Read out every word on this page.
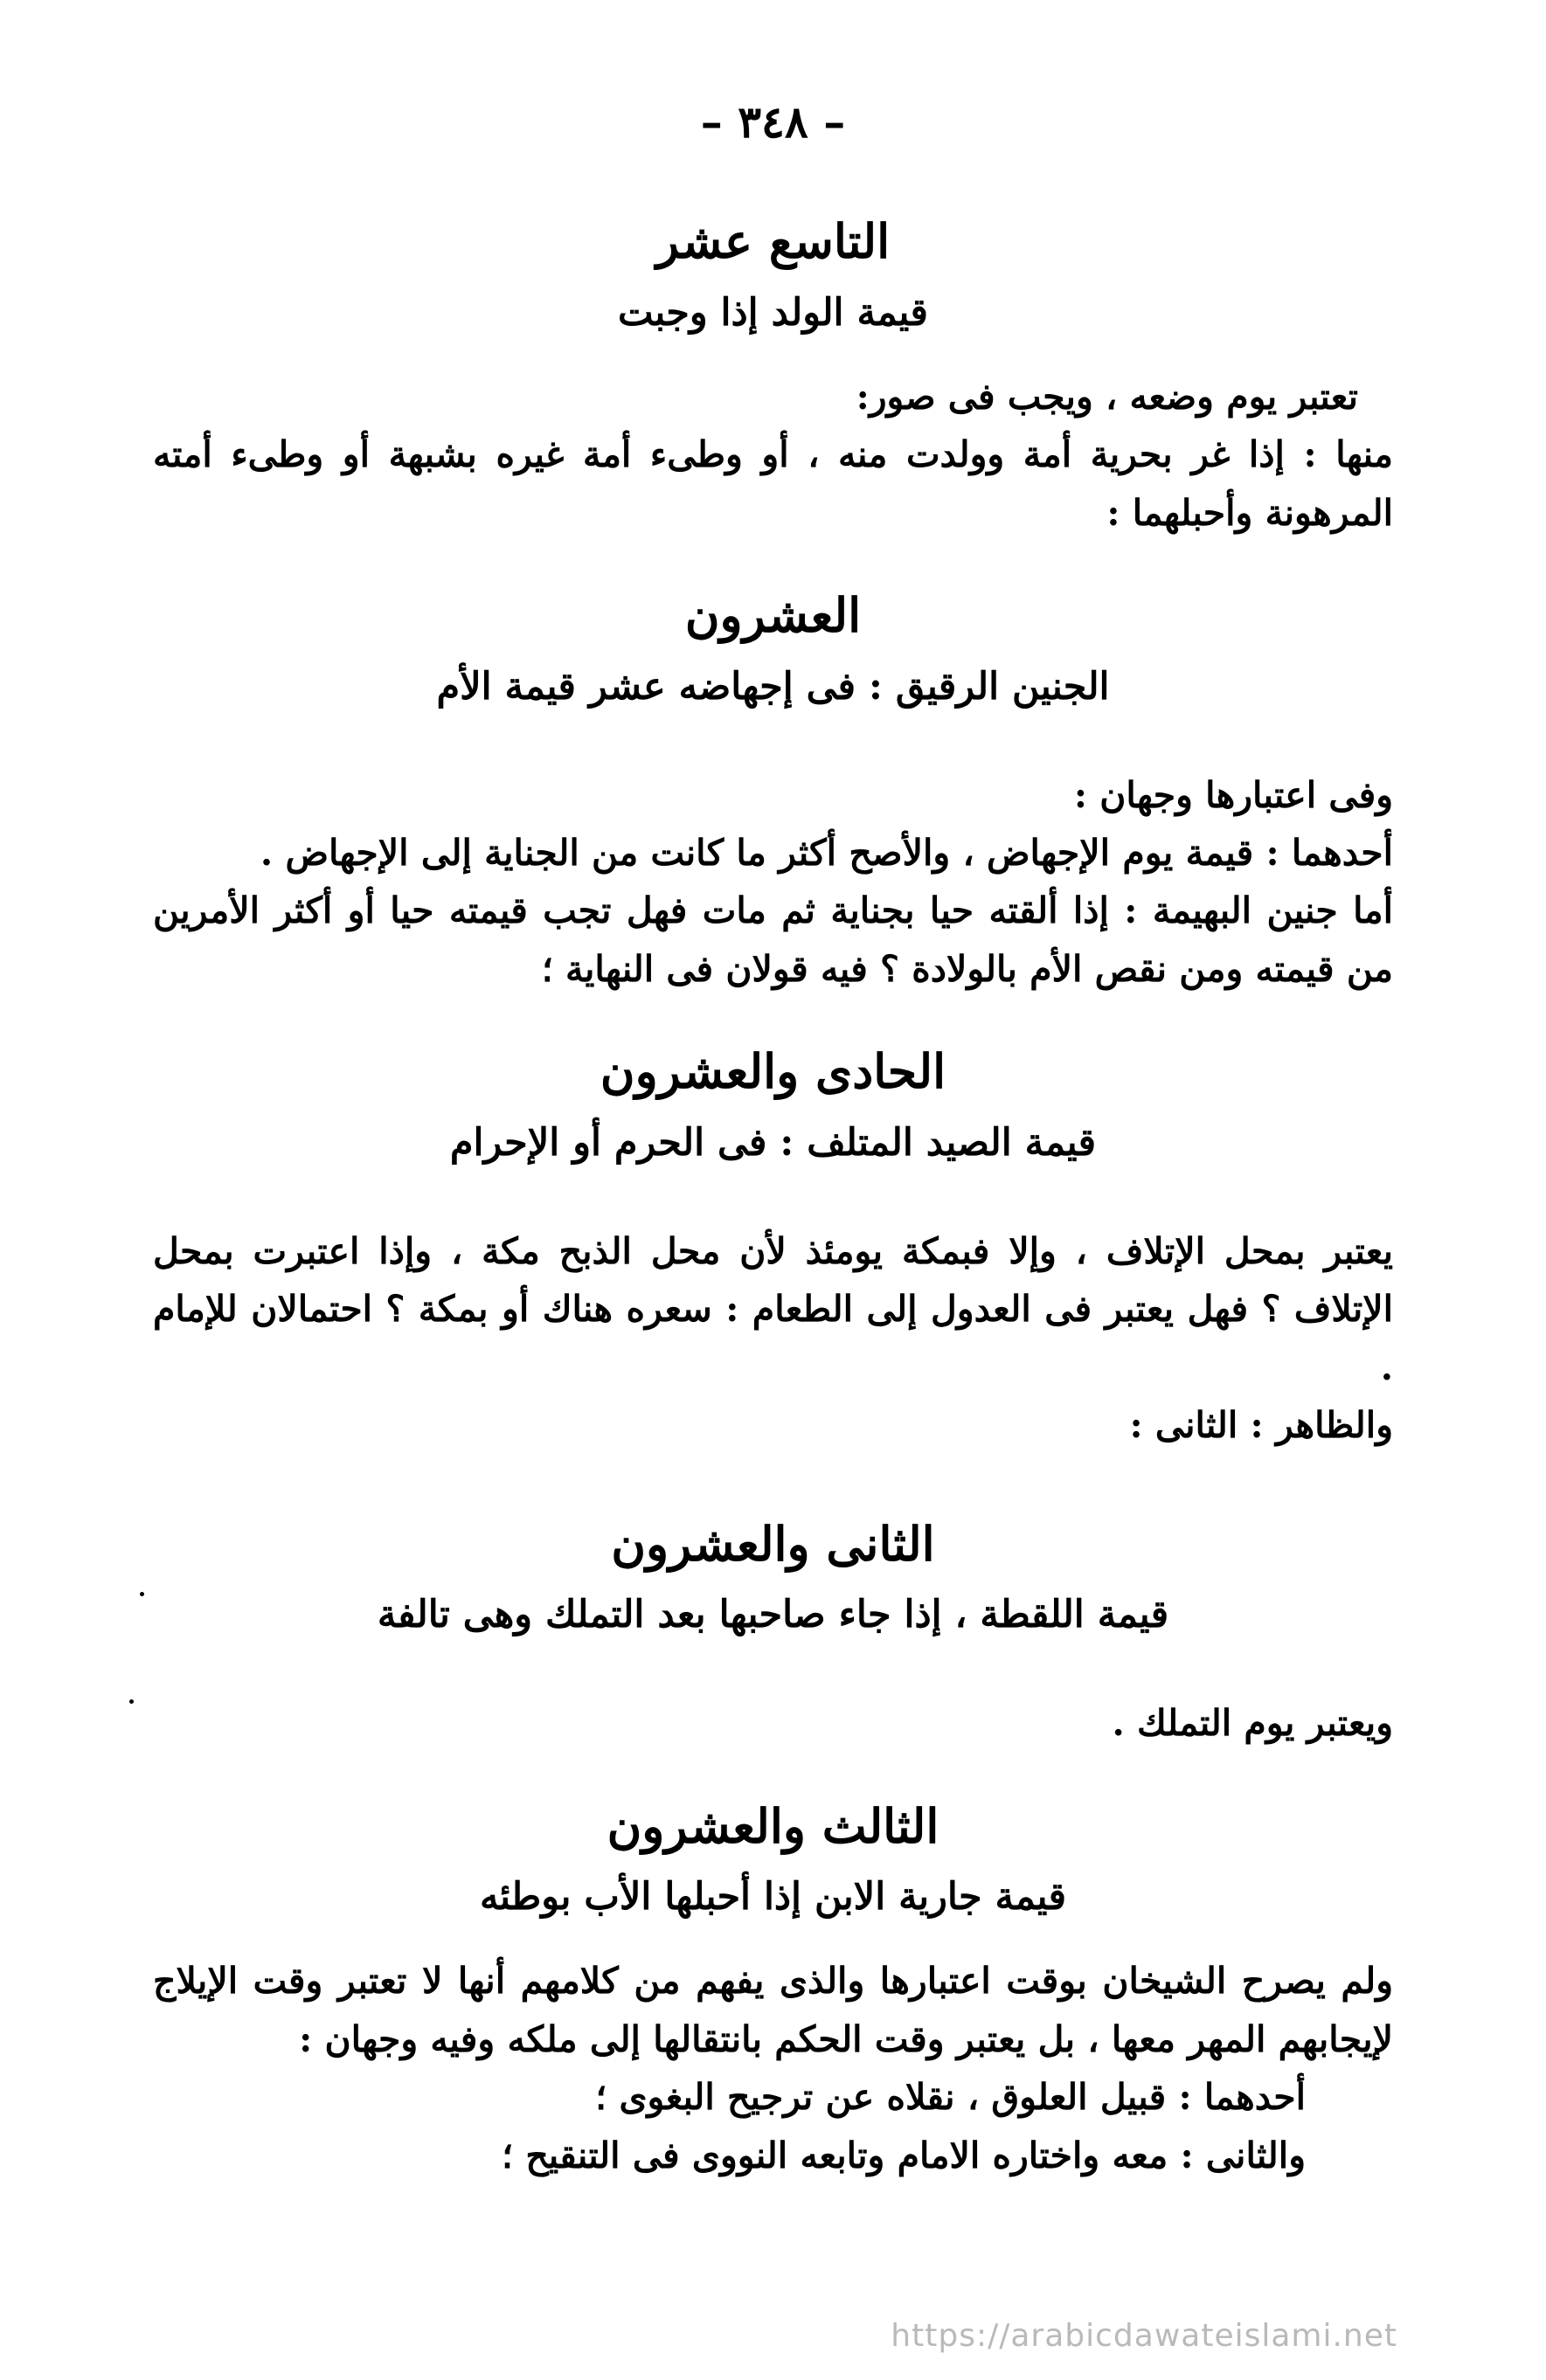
– ٣٤٨ –
التاسع عشر
قيمة الولد إذا وجبت

تعتبر يوم وضعه ، ويجب فى صور:

منها : إذا غر بحرية أمة وولدت منه ، أو وطىء أمة غيره بشبهة أو وطىء أمته المرهونة وأحبلهما :

العشرون
الجنين الرقيق : فى إجهاضه عشر قيمة الأم

وفى اعتبارها وجهان :

أحدهما : قيمة يوم الإجهاض ، والأصح أكثر ما كانت من الجناية إلى الإجهاض .

أما جنين البهيمة : إذا ألقته حيا بجناية ثم مات فهل تجب قيمته حيا أو أكثر الأمرين من قيمته ومن نقص الأم بالولادة ؟ فيه قولان فى النهاية ؛

الحادى والعشرون
قيمة الصيد المتلف : فى الحرم أو الإحرام

يعتبر بمحل الإتلاف ، وإلا فبمكة يومئذ لأن محل الذبح مكة ، وإذا اعتبرت بمحل الإتلاف ؟ فهل يعتبر فى العدول إلى الطعام : سعره هناك أو بمكة ؟ احتمالان للإمام .

والظاهر : الثانى :

الثانى والعشرون
قيمة اللقطة ، إذا جاء صاحبها بعد التملك وهى تالفة

ويعتبر يوم التملك .

الثالث والعشرون
قيمة جارية الابن إذا أحبلها الأب بوطئه

ولم يصرح الشيخان بوقت اعتبارها والذى يفهم من كلامهم أنها لا تعتبر وقت الإيلاج لإيجابهم المهر معها ، بل يعتبر وقت الحكم بانتقالها إلى ملكه وفيه وجهان :

أحدهما : قبيل العلوق ، نقلاه عن ترجيح البغوى ؛

والثانى : معه واختاره الامام وتابعه النووى فى التنقيح ؛

https://arabicdawateislami.net
